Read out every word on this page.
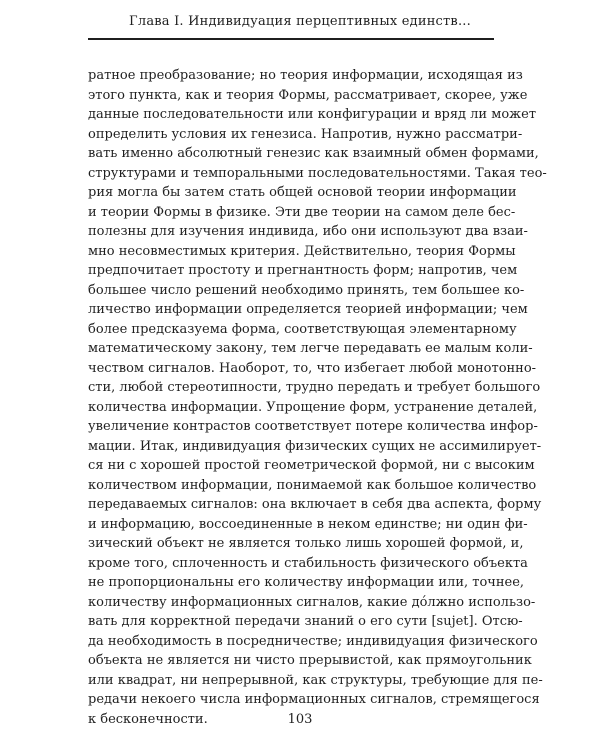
Глава I. Индивидуация перцептивных единств...
ратное преобразование; но теория информации, исходящая из
этого пункта, как и теория Формы, рассматривает, скорее, уже
данные последовательности или конфигурации и вряд ли может
определить условия их генезиса. Напротив, нужно рассматри-
вать именно абсолютный генезис как взаимный обмен формами,
структурами и темпоральными последовательностями. Такая тео-
рия могла бы затем стать общей основой теории информации
и теории Формы в физике. Эти две теории на самом деле бес-
полезны для изучения индивида, ибо они используют два взаи-
мно несовместимых критерия. Действительно, теория Формы
предпочитает простоту и прегнантность форм; напротив, чем
большее число решений необходимо принять, тем большее ко-
личество информации определяется теорией информации; чем
более предсказуема форма, соответствующая элементарному
математическому закону, тем легче передавать ее малым коли-
чеством сигналов. Наоборот, то, что избегает любой монотонно-
сти, любой стереотипности, трудно передать и требует большого
количества информации. Упрощение форм, устранение деталей,
увеличение контрастов соответствует потере количества инфор-
мации. Итак, индивидуация физических сущих не ассимилирует-
ся ни с хорошей простой геометрической формой, ни с высоким
количеством информации, понимаемой как большое количество
передаваемых сигналов: она включает в себя два аспекта, форму
и информацию, воссоединенные в неком единстве; ни один фи-
зический объект не является только лишь хорошей формой, и,
кроме того, сплоченность и стабильность физического объекта
не пропорциональны его количеству информации или, точнее,
количеству информационных сигналов, какие дóлжно использо-
вать для корректной передачи знаний о его сути [sujet]. Отсю-
да необходимость в посредничестве; индивидуация физического
объекта не является ни чисто прерывистой, как прямоугольник
или квадрат, ни непрерывной, как структуры, требующие для пе-
редачи некоего числа информационных сигналов, стремящегося
к бесконечности.	103
